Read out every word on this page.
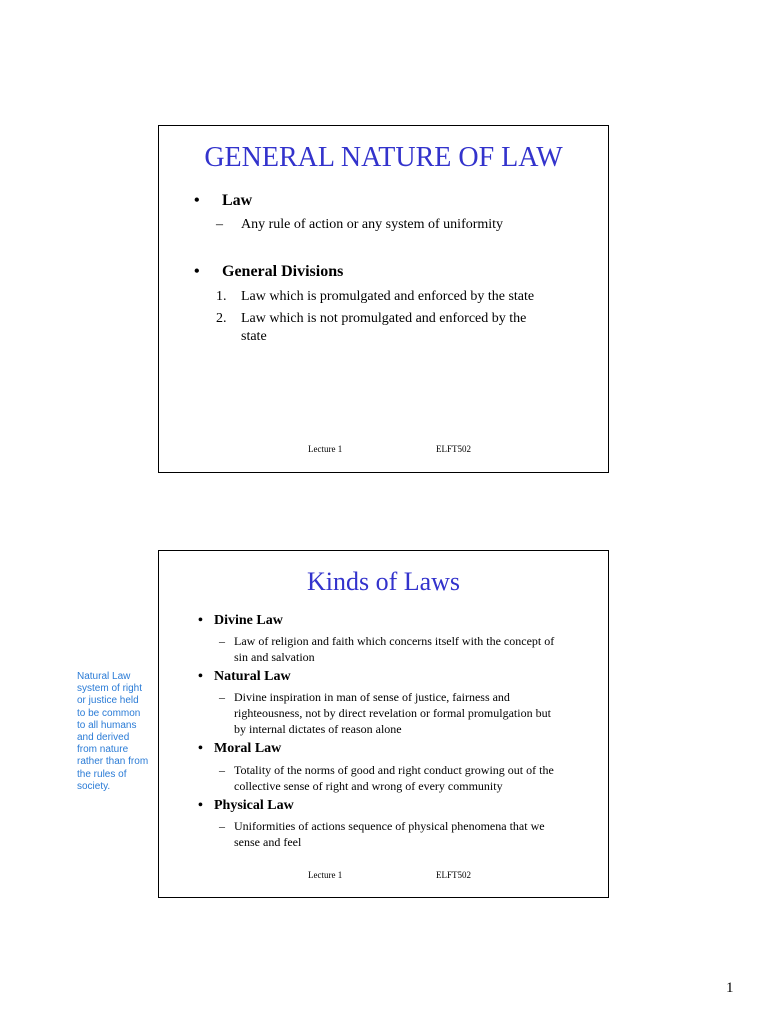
GENERAL NATURE OF LAW
• Law
– Any rule of action or any system of uniformity
• General Divisions
1. Law which is promulgated and enforced by the state
2. Law which is not promulgated and enforced by the
state
Lecture 1	ELFT502
Kinds of Laws
• Divine Law
– Law of religion and faith which concerns itself with the concept of
sin and salvation
• Natural Law
– Divine inspiration in man of sense of justice, fairness and
righteousness, not by direct revelation or formal promulgation but
by internal dictates of reason alone
• Moral Law
– Totality of the norms of good and right conduct growing out of the
collective sense of right and wrong of every community
• Physical Law
– Uniformities of actions sequence of physical phenomena that we
sense and feel
Lecture 1	ELFT502
Natural Law
system of right
or justice held
to be common
to all humans
and derived
from nature
rather than from
the rules of
society.
1
